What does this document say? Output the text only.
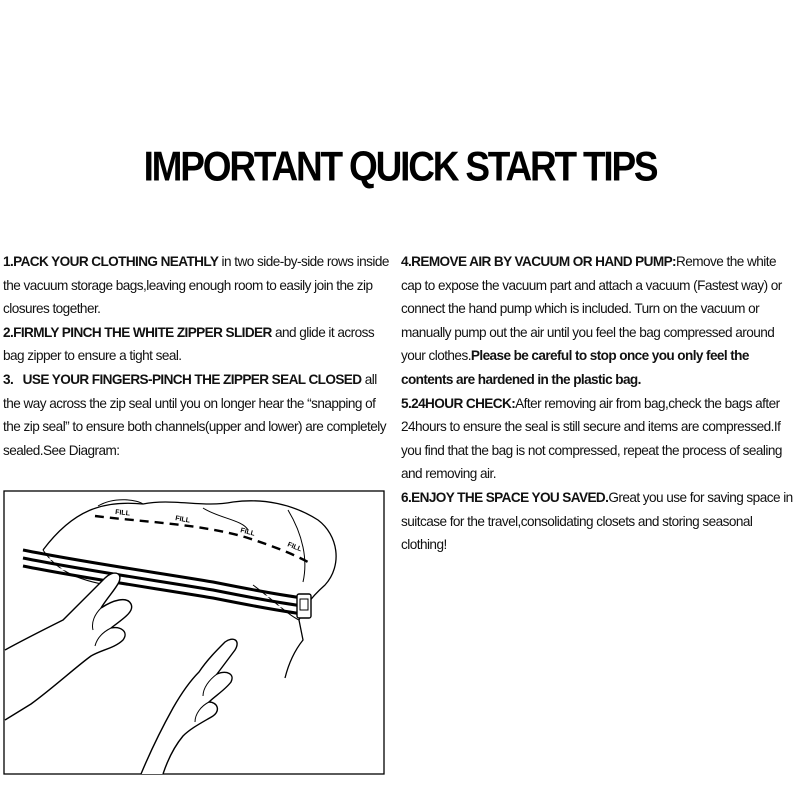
IMPORTANT QUICK START TIPS

1.PACK YOUR CLOTHING NEATHLY in two side-by-side rows inside the vacuum storage bags,leaving enough room to easily join the zip closures together.

2.FIRMLY PINCH THE WHITE ZIPPER SLIDER and glide it across bag zipper to ensure a tight seal.

3.   USE YOUR FINGERS-PINCH THE ZIPPER SEAL CLOSED all the way across the zip seal until you on longer hear the “snapping of the zip seal” to ensure both channels(upper and lower) are completely sealed.See Diagram:

4.REMOVE AIR BY VACUUM OR HAND PUMP:Remove the white cap to expose the vacuum part and attach a vacuum (Fastest way) or connect the hand pump which is included. Turn on the vacuum or manually pump out the air until you feel the bag compressed around your clothes.Please be careful to stop once you only feel the contents are hardened in the plastic bag.

5.24HOUR CHECK:After removing air from bag,check the bags after 24hours to ensure the seal is still secure and items are compressed.If you find that the bag is not compressed, repeat the process of sealing and removing air.

6.ENJOY THE SPACE YOU SAVED.Great you use for saving space in suitcase for the travel,consolidating closets and storing seasonal clothing!

FILL
FILL
FILL
FILL
